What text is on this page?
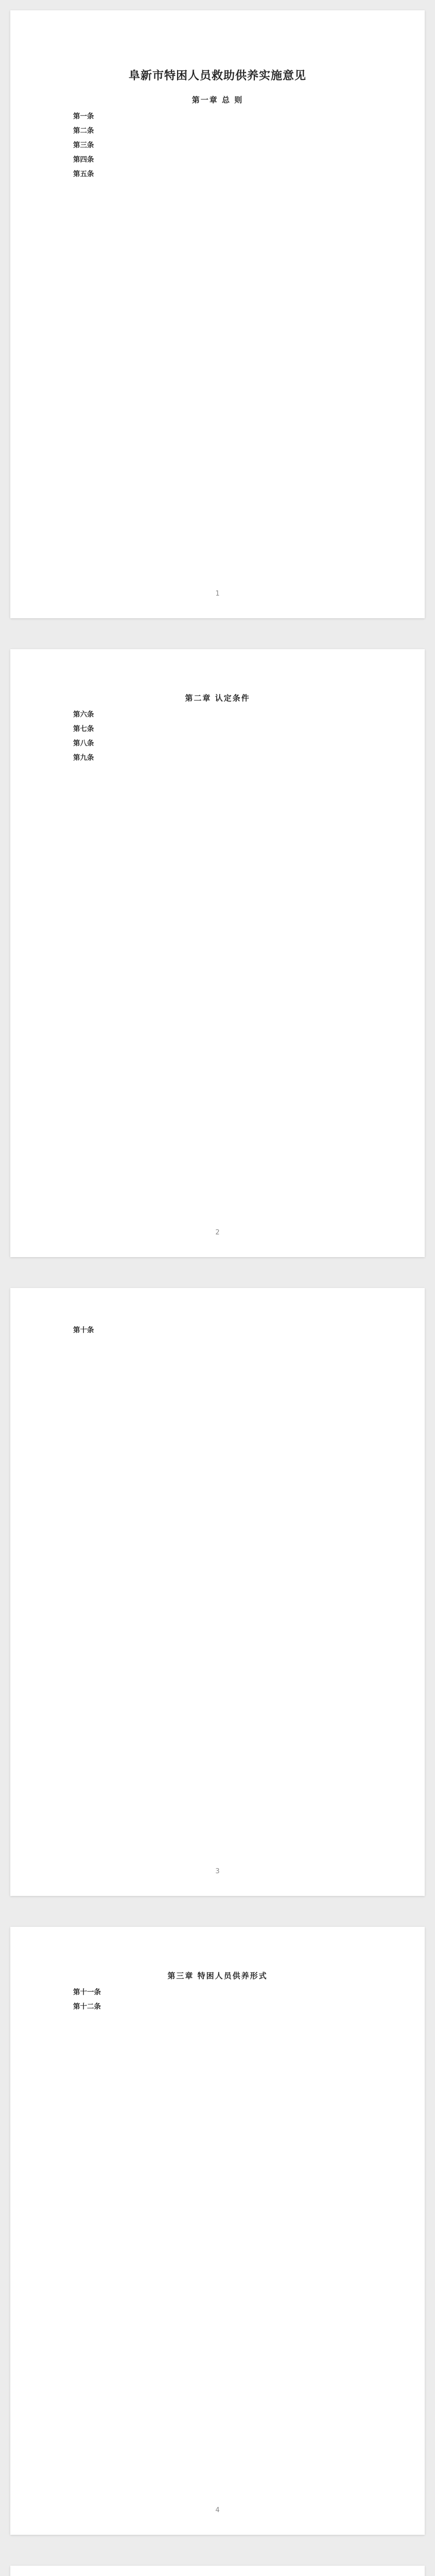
阜新市特困人员救助供养实施意见
第一章 总 则

第一条

第二条

第三条

第四条

第五条

1
第二章 认定条件

第六条

第七条

第八条

第九条

2

第十条

3
第三章 特困人员供养形式

第十一条

第十二条

4
